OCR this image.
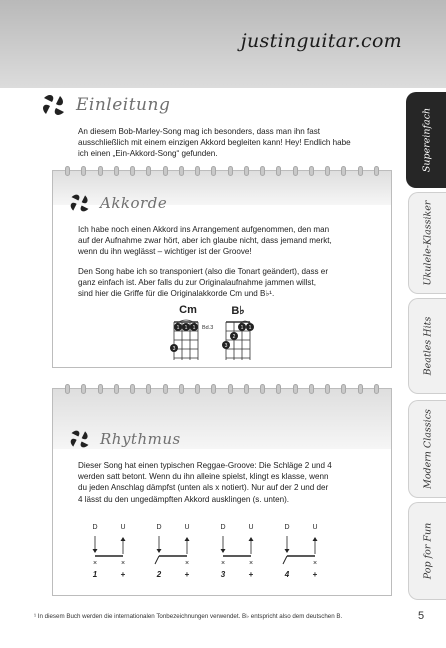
justinguitar.com
Supereinfach
Ukulele-Klassiker
Beatles Hits
Modern Classics
Pop for Fun
Einleitung
An diesem Bob-Marley-Song mag ich besonders, dass man ihn fast
ausschließlich mit einem einzigen Akkord begleiten kann! Hey! Endlich habe
ich einen „Ein-Akkord-Song“ gefunden.
Akkorde
Ich habe noch einen Akkord ins Arrangement aufgenommen, den man
auf der Aufnahme zwar hört, aber ich glaube nicht, dass jemand merkt,
wenn du ihn weglässt – wichtiger ist der Groove!
Den Song habe ich so transponiert (also die Tonart geändert), dass er
ganz einfach ist. Aber falls du zur Originalaufnahme jammen willst,
sind hier die Griffe für die Originalakkorde Cm und B♭¹.
Cm
1 1 1
3
Bd.3
B♭
1 1
2
3
Rhythmus
Dieser Song hat einen typischen Reggae-Groove: Die Schläge 2 und 4
werden satt betont. Wenn du ihn alleine spielst, klingt es klasse, wenn
du jeden Anschlag dämpfst (unten als x notiert). Nur auf der 2 und der
4 lässt du den ungedämpften Akkord ausklingen (s. unten).
D	U
×	×
1	+
D	U
×
2	+
D	U
×	×
3	+
D	U
×
4	+
¹ In diesem Buch werden die internationalen Tonbezeichnungen verwendet. B♭ entspricht also dem deutschen B.	5
